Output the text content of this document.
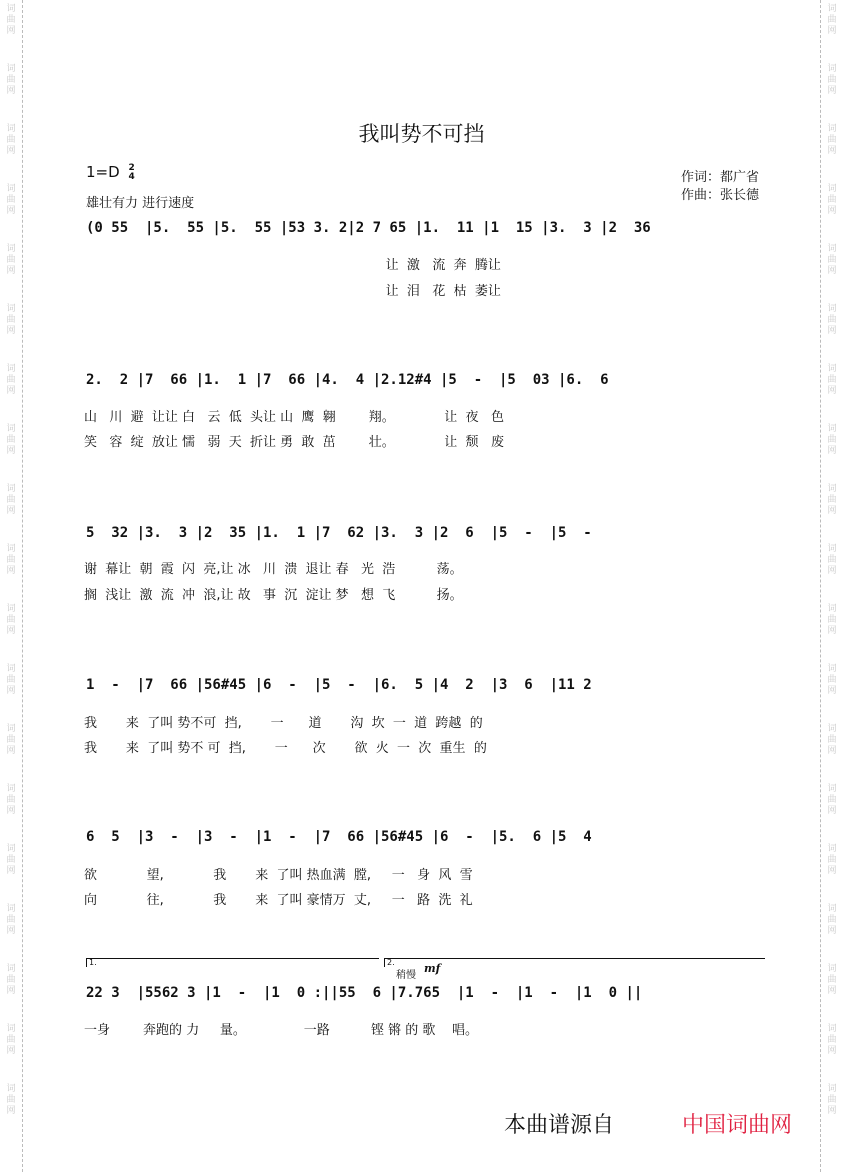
词
曲
网
词
曲
网
词
曲
网
词
曲
网
词
曲
网
词
曲
网
词
曲
网
词
曲
网
词
曲
网
词
曲
网
词
曲
网
词
曲
网
词
曲
网
词
曲
网
词
曲
网
词
曲
网
词
曲
网
词
曲
网
词
曲
网
词
曲
网
词
曲
网
词
曲
网
词
曲
网
词
曲
网
词
曲
网
词
曲
网
词
曲
网
词
曲
网
词
曲
网
词
曲
网
词
曲
网
词
曲
网
词
曲
网
词
曲
网
词
曲
网
词
曲
网
词
曲
网
词
曲
网
我叫势不可挡
1=D 2
4
雄壮有力 进行速度
作词：都广省
作曲：张长德
(0 55  |5.  55 |5.  55 |53 3. 2|2 7 65 |1.  11 |1  15 |3.  3 |2  36
让  激   流  奔  腾让
让  泪   花  枯  萎让
2.  2 |7  66 |1.  1 |7  66 |4.  4 |2.12#4 |5  -  |5  03 |6.  6
山   川  避  让让 白   云  低  头让 山  鹰  翱        翔。            让  夜   色
笑   容  绽  放让 懦   弱  天  折让 勇  敢  茁        壮。            让  颓   废
5  32 |3.  3 |2  35 |1.  1 |7  62 |3.  3 |2  6  |5  -  |5  -
谢  幕让  朝  霞  闪  亮,让 冰   川  溃  退让 春   光  浩          荡。
搁  浅让  激  流  冲  浪,让 故   事  沉  淀让 梦   想  飞          扬。
1  -  |7  66 |56#45 |6  -  |5  -  |6.  5 |4  2  |3  6  |11 2
我       来  了叫 势不可  挡,       一      道       沟  坎  一  道  跨越  的
我       来  了叫 势不 可  挡,       一      次       欲  火  一  次  重生  的
6  5  |3  -  |3  -  |1  -  |7  66 |56#45 |6  -  |5.  6 |5  4
欲            望,            我       来  了叫 热血满  膛,     一   身  风  雪
向            往,            我       来  了叫 豪情万  丈,     一   路  洗  礼
1.	2.
稍慢
mf
22 3  |5562 3 |1  -  |1  0 :||55  6 |7.765  |1  -  |1  -  |1  0 ||
一身        奔跑的 力     量。              一路          铿 锵 的 歌    唱。
本曲谱源自	中国词曲网
